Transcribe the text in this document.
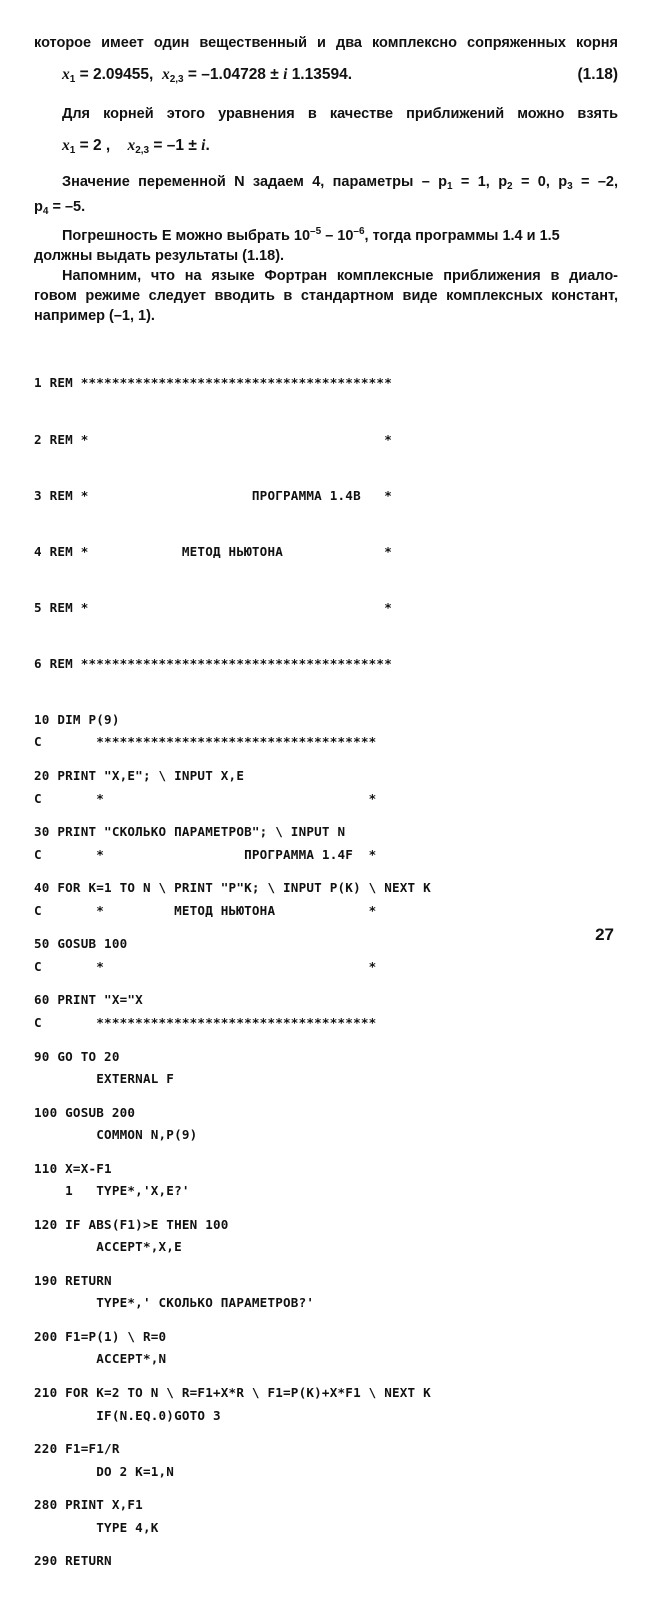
которое имеет один вещественный и два комплексно сопряженных корня

$x_1 = 2.09455$, $x_{2,3} = -1.04728 \pm i$ 1.13594.	(1.18)

Для корней этого уравнения в качестве приближений можно взять

$x_1 = 2$ , $x_{2,3} = -1 \pm i$.

Значение переменной N задаем 4, параметры – $p_1 = 1$, $p_2 = 0$, $p_3 = -2$,

$p_4 = -5$.

Погрешность E можно выбрать $10^{-5} - 10^{-6}$, тогда программы 1.4 и 1.5

должны выдать результаты (1.18).

Напомним, что на языке Фортран комплексные приближения в диало-

говом режиме следует вводить в стандартном виде комплексных констант,

например (–1, 1).

1 REM ****************************************

2 REM *                                      *

3 REM *                     ПРОГРАММА 1.4B   *

4 REM *            МЕТОД НЬЮТОНА             *

5 REM *                                      *

6 REM ****************************************

10 DIM P(9)

20 PRINT "X,E"; \ INPUT X,E

30 PRINT "СКОЛЬКО ПАРАМЕТРОВ"; \ INPUT N

40 FOR K=1 TO N \ PRINT "P"K; \ INPUT P(K) \ NEXT K

50 GOSUB 100

60 PRINT "X="X

90 GO TO 20

100 GOSUB 200

110 X=X-F1

120 IF ABS(F1)>E THEN 100

190 RETURN

200 F1=P(1) \ R=0

210 FOR K=2 TO N \ R=F1+X*R \ F1=P(K)+X*F1 \ NEXT K

220 F1=F1/R

280 PRINT X,F1

290 RETURN

C       ************************************

C       *                                  *

C       *                  ПРОГРАММА 1.4F  *

C       *         МЕТОД НЬЮТОНА            *

C       *                                  *

C       ************************************

EXTERNAL F

COMMON N,P(9)

1   TYPE*,'X,E?'

ACCEPT*,X,E

TYPE*,' СКОЛЬКО ПАРАМЕТРОВ?'

ACCEPT*,N

IF(N.EQ.0)GOTO 3

DO 2 K=1,N

TYPE 4,K

27
